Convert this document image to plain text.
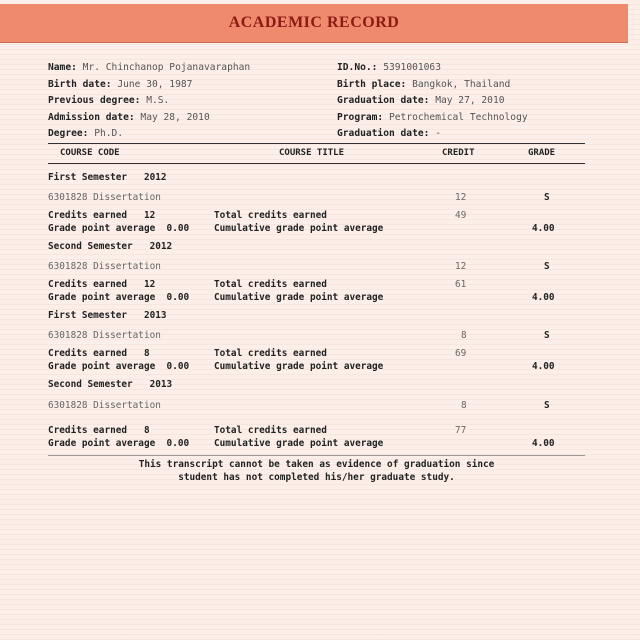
ACADEMIC RECORD
Name: Mr. Chinchanop Pojanavaraphan
Birth date: June 30, 1987
Previous degree: M.S.
Admission date: May 28, 2010
Degree: Ph.D.
ID.No.: 5391001063
Birth place: Bangkok, Thailand
Graduation date: May 27, 2010
Program: Petrochemical Technology
Graduation date: -
COURSE CODE	COURSE TITLE	CREDIT	GRADE
First Semester 2012
6301828 Dissertation	12	S
Credits earned 12	Total credits earned	49
Grade point average 0.00	Cumulative grade point average	4.00
Second Semester 2012
6301828 Dissertation	12	S
Credits earned 12	Total credits earned	61
Grade point average 0.00	Cumulative grade point average	4.00
First Semester 2013
6301828 Dissertation	8	S
Credits earned 8	Total credits earned	69
Grade point average 0.00	Cumulative grade point average	4.00
Second Semester 2013
6301828 Dissertation	8	S
Credits earned 8	Total credits earned	77
Grade point average 0.00	Cumulative grade point average	4.00
This transcript cannot be taken as evidence of graduation since
student has not completed his/her graduate study.
